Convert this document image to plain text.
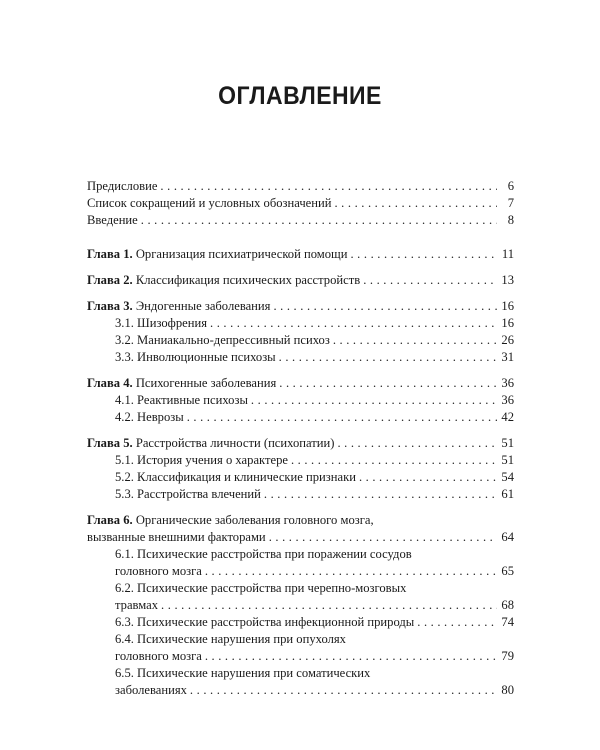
ОГЛАВЛЕНИЕ
Предисловие . . .	6
Список сокращений и условных обозначений . . .	7
Введение . . .	8
Глава 1. Организация психиатрической помощи . . .	11
Глава 2. Классификация психических расстройств . . .	13
Глава 3. Эндогенные заболевания . . .	16
3.1. Шизофрения . . .	16
3.2. Маниакально-депрессивный психоз . . .	26
3.3. Инволюционные психозы . . .	31
Глава 4. Психогенные заболевания . . .	36
4.1. Реактивные психозы . . .	36
4.2. Неврозы . . .	42
Глава 5. Расстройства личности (психопатии) . . .	51
5.1. История учения о характере . . .	51
5.2. Классификация и клинические признаки . . .	54
5.3. Расстройства влечений . . .	61
Глава 6. Органические заболевания головного мозга,
вызванные внешними факторами . . .	64
6.1. Психические расстройства при поражении сосудов
головного мозга . . .	65
6.2. Психические расстройства при черепно-мозговых
травмах . . .	68
6.3. Психические расстройства инфекционной природы . . .	74
6.4. Психические нарушения при опухолях
головного мозга . . .	79
6.5. Психические нарушения при соматических
заболеваниях . . .	80
